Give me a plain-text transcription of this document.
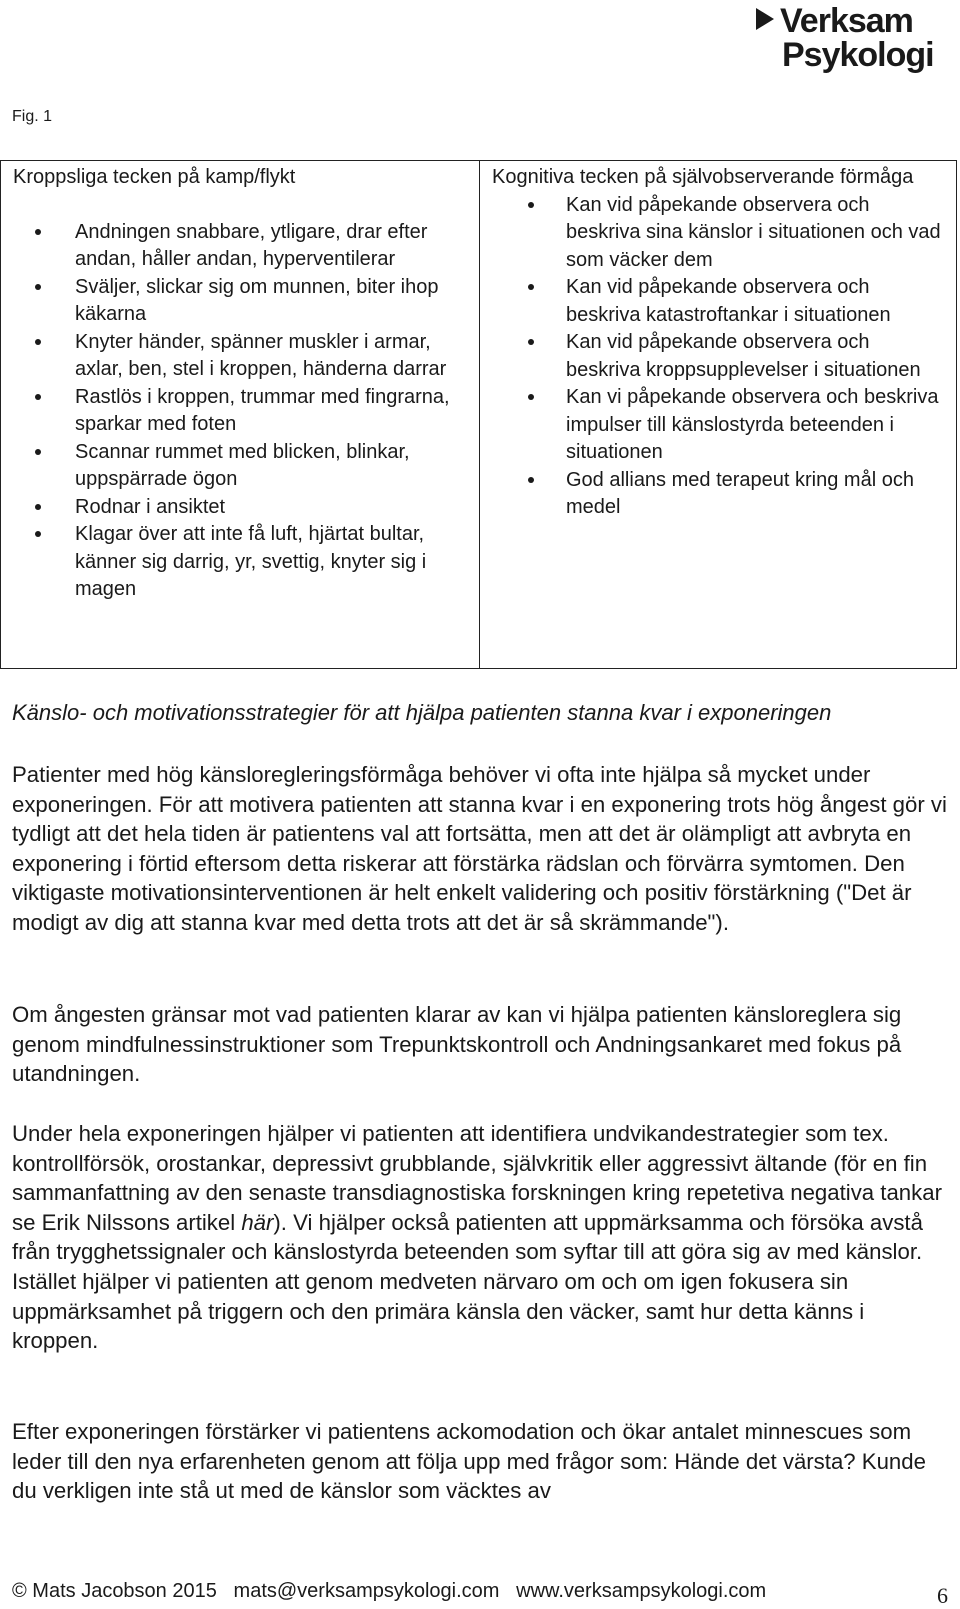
Verksam
Psykologi
Fig. 1
Kroppsliga tecken på kamp/flykt
Andningen snabbare, ytligare, drar efter andan, håller andan, hyperventilerar
Sväljer, slickar sig om munnen, biter ihop käkarna
Knyter händer, spänner muskler i armar, axlar, ben, stel i kroppen, händerna darrar
Rastlös i kroppen, trummar med fingrarna, sparkar med foten
Scannar rummet med blicken, blinkar, uppspärrade ögon
Rodnar i ansiktet
Klagar över att inte få luft, hjärtat bultar, känner sig darrig, yr, svettig, knyter sig i magen
Kognitiva tecken på självobserverande förmåga
Kan vid påpekande observera och beskriva sina känslor i situationen och vad som väcker dem
Kan vid påpekande observera och beskriva katastroftankar i situationen
Kan vid påpekande observera och beskriva kroppsupplevelser i situationen
Kan vi påpekande observera och beskriva impulser till känslostyrda beteenden i situationen
God allians med terapeut kring mål och medel
Känslo- och motivationsstrategier för att hjälpa patienten stanna kvar i exponeringen

Patienter med hög känsloregleringsförmåga behöver vi ofta inte hjälpa så mycket under exponeringen. För att motivera patienten att stanna kvar i en exponering trots hög ångest gör vi tydligt att det hela tiden är patientens val att fortsätta, men att det är olämpligt att avbryta en exponering i förtid eftersom detta riskerar att förstärka rädslan och förvärra symtomen. Den viktigaste motivationsinterventionen är helt enkelt validering och positiv förstärkning ("Det är modigt av dig att stanna kvar med detta trots att det är så skrämmande").

Om ångesten gränsar mot vad patienten klarar av kan vi hjälpa patienten känsloreglera sig genom mindfulnessinstruktioner som Trepunktskontroll och Andningsankaret med fokus på utandningen.

Under hela exponeringen hjälper vi patienten att identifiera undvikandestrategier som tex. kontrollförsök, orostankar, depressivt grubblande, självkritik eller aggressivt ältande (för en fin sammanfattning av den senaste transdiagnostiska forskningen kring repetetiva negativa tankar se Erik Nilssons artikel här). Vi hjälper också patienten att uppmärksamma och försöka avstå från trygghetssignaler och känslostyrda beteenden som syftar till att göra sig av med känslor. Istället hjälper vi patienten att genom medveten närvaro om och om igen fokusera sin uppmärksamhet på triggern och den primära känsla den väcker, samt hur detta känns i kroppen.

Efter exponeringen förstärker vi patientens ackomodation och ökar antalet minnescues som leder till den nya erfarenheten genom att följa upp med frågor som: Hände det värsta? Kunde du verkligen inte stå ut med de känslor som väcktes av

© Mats Jacobson 2015 mats@verksampsykologi.com www.verksampsykologi.com	6
